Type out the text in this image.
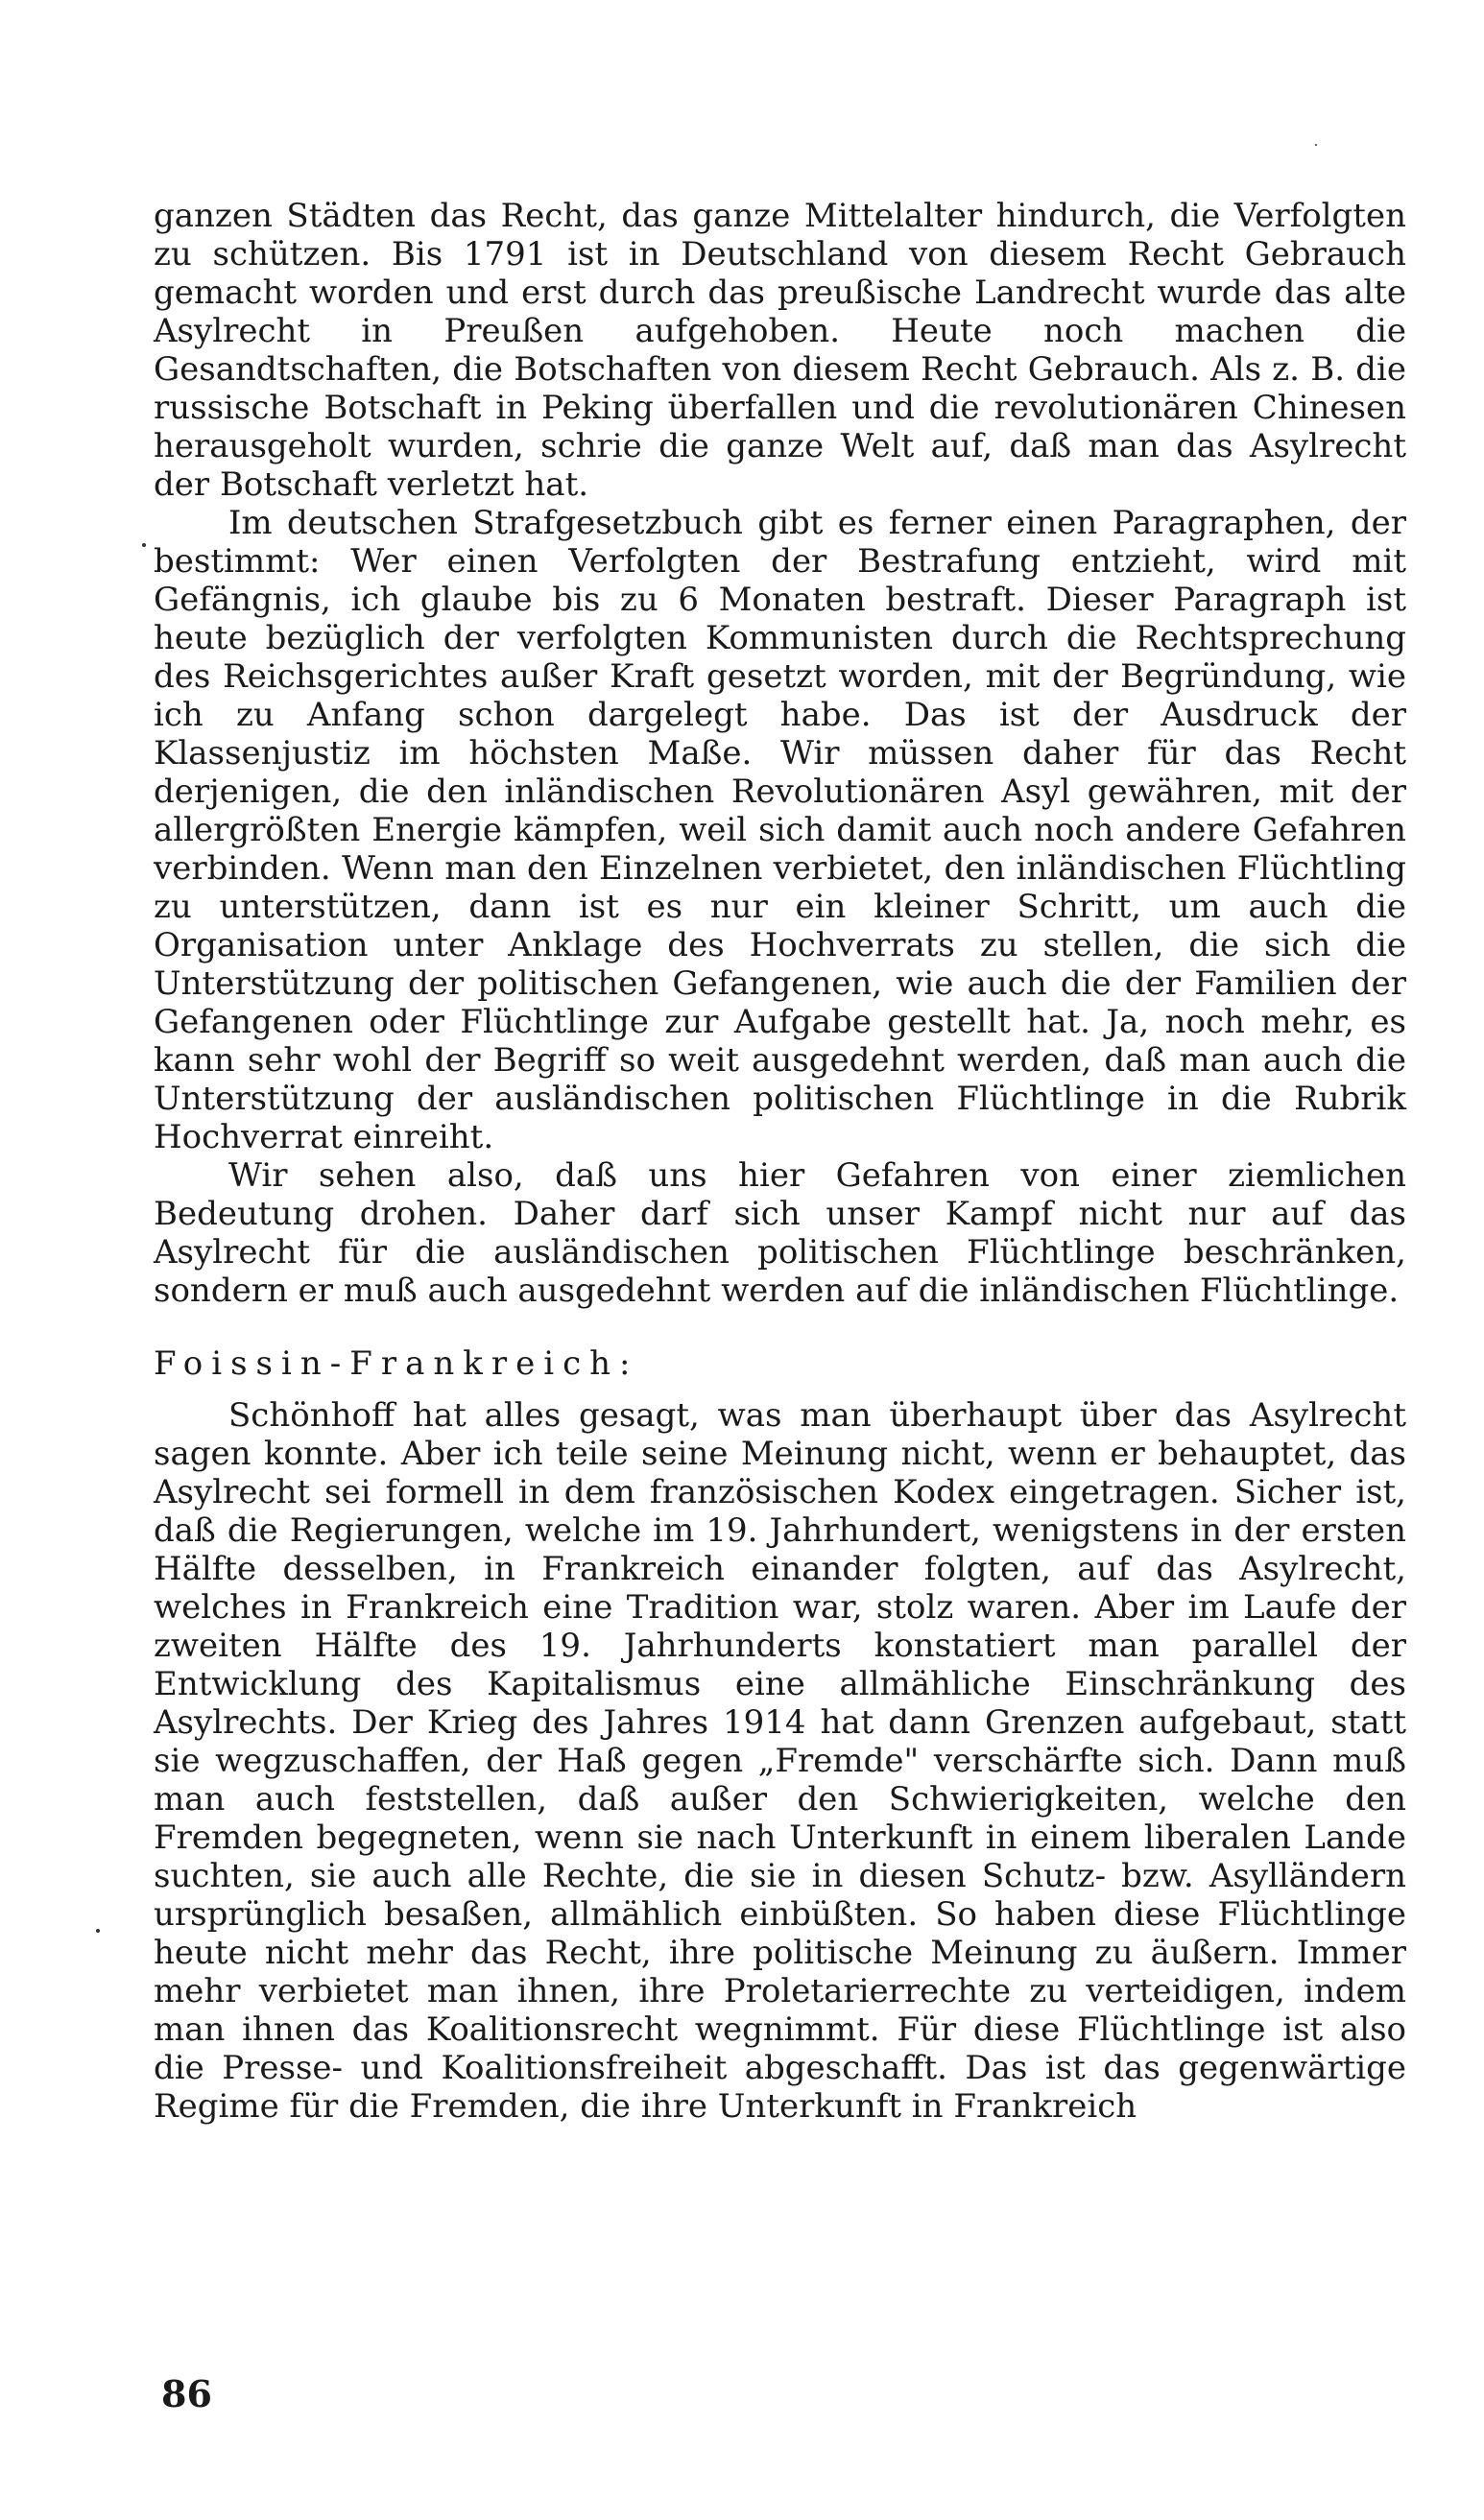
ganzen Städten das Recht, das ganze Mittelalter hindurch, die Verfolgten zu schützen. Bis 1791 ist in Deutschland von diesem Recht Gebrauch gemacht worden und erst durch das preußische Landrecht wurde das alte Asylrecht in Preußen aufgehoben. Heute noch machen die Gesandtschaften, die Botschaften von diesem Recht Gebrauch. Als z. B. die russische Botschaft in Peking überfallen und die revolutionären Chinesen herausgeholt wurden, schrie die ganze Welt auf, daß man das Asylrecht der Botschaft verletzt hat.

Im deutschen Strafgesetzbuch gibt es ferner einen Paragraphen, der bestimmt: Wer einen Verfolgten der Bestrafung entzieht, wird mit Gefängnis, ich glaube bis zu 6 Monaten bestraft. Dieser Paragraph ist heute bezüglich der verfolgten Kommunisten durch die Rechtsprechung des Reichsgerichtes außer Kraft gesetzt worden, mit der Begründung, wie ich zu Anfang schon dargelegt habe. Das ist der Ausdruck der Klassenjustiz im höchsten Maße. Wir müssen daher für das Recht derjenigen, die den inländischen Revolutionären Asyl gewähren, mit der allergrößten Energie kämpfen, weil sich damit auch noch andere Gefahren verbinden. Wenn man den Einzelnen verbietet, den inländischen Flüchtling zu unterstützen, dann ist es nur ein kleiner Schritt, um auch die Organisation unter Anklage des Hochverrats zu stellen, die sich die Unterstützung der politischen Gefangenen, wie auch die der Familien der Gefangenen oder Flüchtlinge zur Aufgabe gestellt hat. Ja, noch mehr, es kann sehr wohl der Begriff so weit ausgedehnt werden, daß man auch die Unterstützung der ausländischen politischen Flüchtlinge in die Rubrik Hochverrat einreiht.

Wir sehen also, daß uns hier Gefahren von einer ziemlichen Bedeutung drohen. Daher darf sich unser Kampf nicht nur auf das Asylrecht für die ausländischen politischen Flüchtlinge beschränken, sondern er muß auch ausgedehnt werden auf die inländischen Flüchtlinge.

Foissin-Frankreich:

Schönhoff hat alles gesagt, was man überhaupt über das Asylrecht sagen konnte. Aber ich teile seine Meinung nicht, wenn er behauptet, das Asylrecht sei formell in dem französischen Kodex eingetragen. Sicher ist, daß die Regierungen, welche im 19. Jahrhundert, wenigstens in der ersten Hälfte desselben, in Frankreich einander folgten, auf das Asylrecht, welches in Frankreich eine Tradition war, stolz waren. Aber im Laufe der zweiten Hälfte des 19. Jahrhunderts konstatiert man parallel der Entwicklung des Kapitalismus eine allmähliche Einschränkung des Asylrechts. Der Krieg des Jahres 1914 hat dann Grenzen aufgebaut, statt sie wegzuschaffen, der Haß gegen „Fremde" verschärfte sich. Dann muß man auch feststellen, daß außer den Schwierigkeiten, welche den Fremden begegneten, wenn sie nach Unterkunft in einem liberalen Lande suchten, sie auch alle Rechte, die sie in diesen Schutz- bzw. Asylländern ursprünglich besaßen, allmählich einbüßten. So haben diese Flüchtlinge heute nicht mehr das Recht, ihre politische Meinung zu äußern. Immer mehr verbietet man ihnen, ihre Proletarierrechte zu verteidigen, indem man ihnen das Koalitionsrecht wegnimmt. Für diese Flüchtlinge ist also die Presse- und Koalitionsfreiheit abgeschafft. Das ist das gegenwärtige Regime für die Fremden, die ihre Unterkunft in Frankreich

86
